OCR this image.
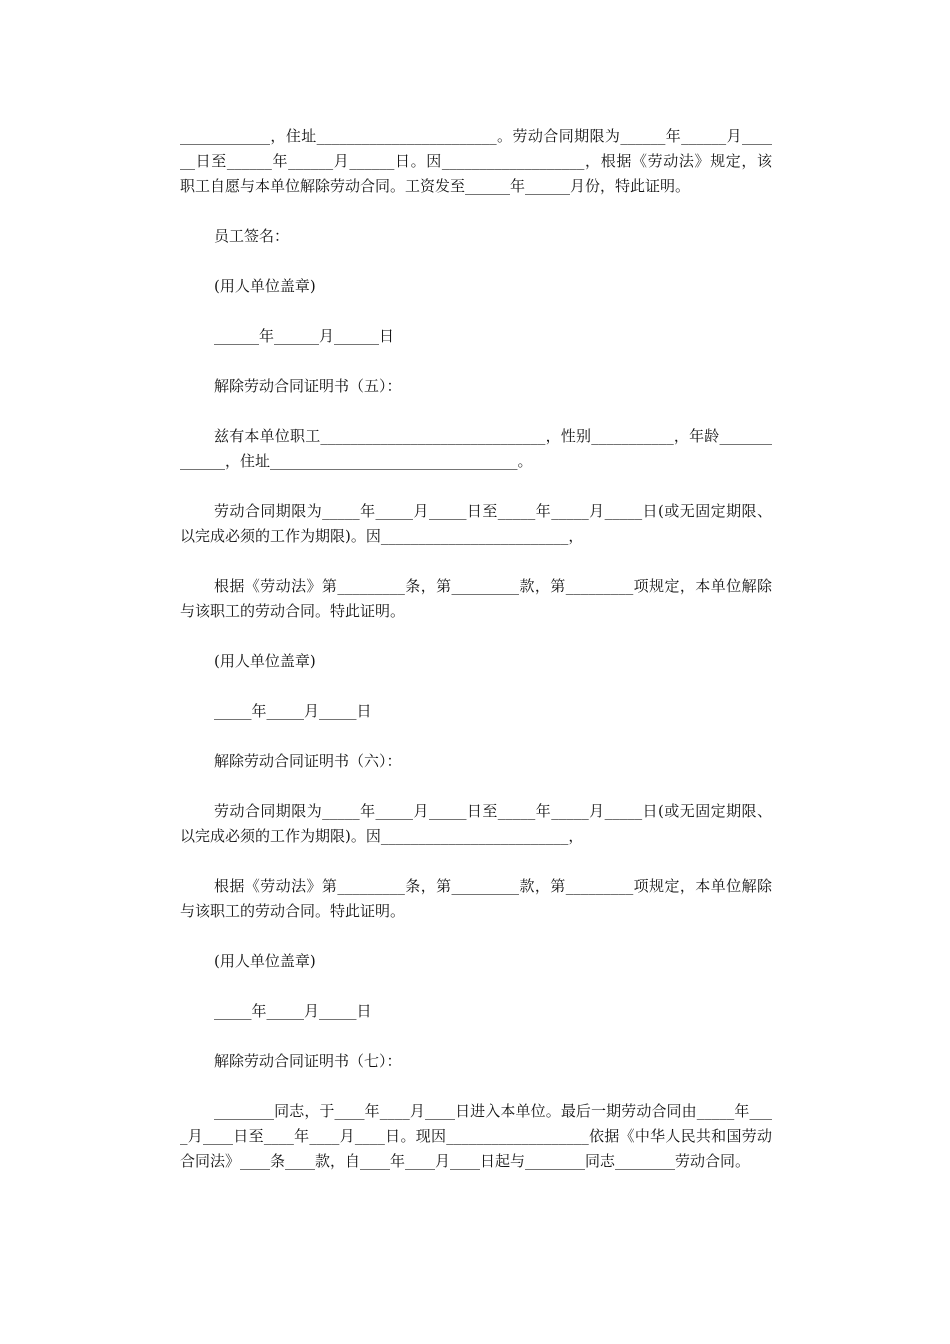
____________，住址________________________。劳动合同期限为______年______月______日至______年______月______日。因___________________，根据《劳动法》规定，该职工自愿与本单位解除劳动合同。工资发至______年______月份，特此证明。

员工签名：

(用人单位盖章)

______年______月______日

解除劳动合同证明书（五）：

兹有本单位职工______________________________，性别___________，年龄_____________，住址_________________________________。

劳动合同期限为_____年_____月_____日至_____年_____月_____日(或无固定期限、以完成必须的工作为期限)。因_________________________，

根据《劳动法》第_________条，第_________款，第_________项规定，本单位解除与该职工的劳动合同。特此证明。

(用人单位盖章)

_____年_____月_____日

解除劳动合同证明书（六）：

劳动合同期限为_____年_____月_____日至_____年_____月_____日(或无固定期限、以完成必须的工作为期限)。因_________________________，

根据《劳动法》第_________条，第_________款，第_________项规定，本单位解除与该职工的劳动合同。特此证明。

(用人单位盖章)

_____年_____月_____日

解除劳动合同证明书（七）：

________同志，于____年____月____日进入本单位。最后一期劳动合同由_____年____月____日至____年____月____日。现因___________________依据《中华人民共和国劳动合同法》____条____款，自____年____月____日起与________同志________劳动合同。
